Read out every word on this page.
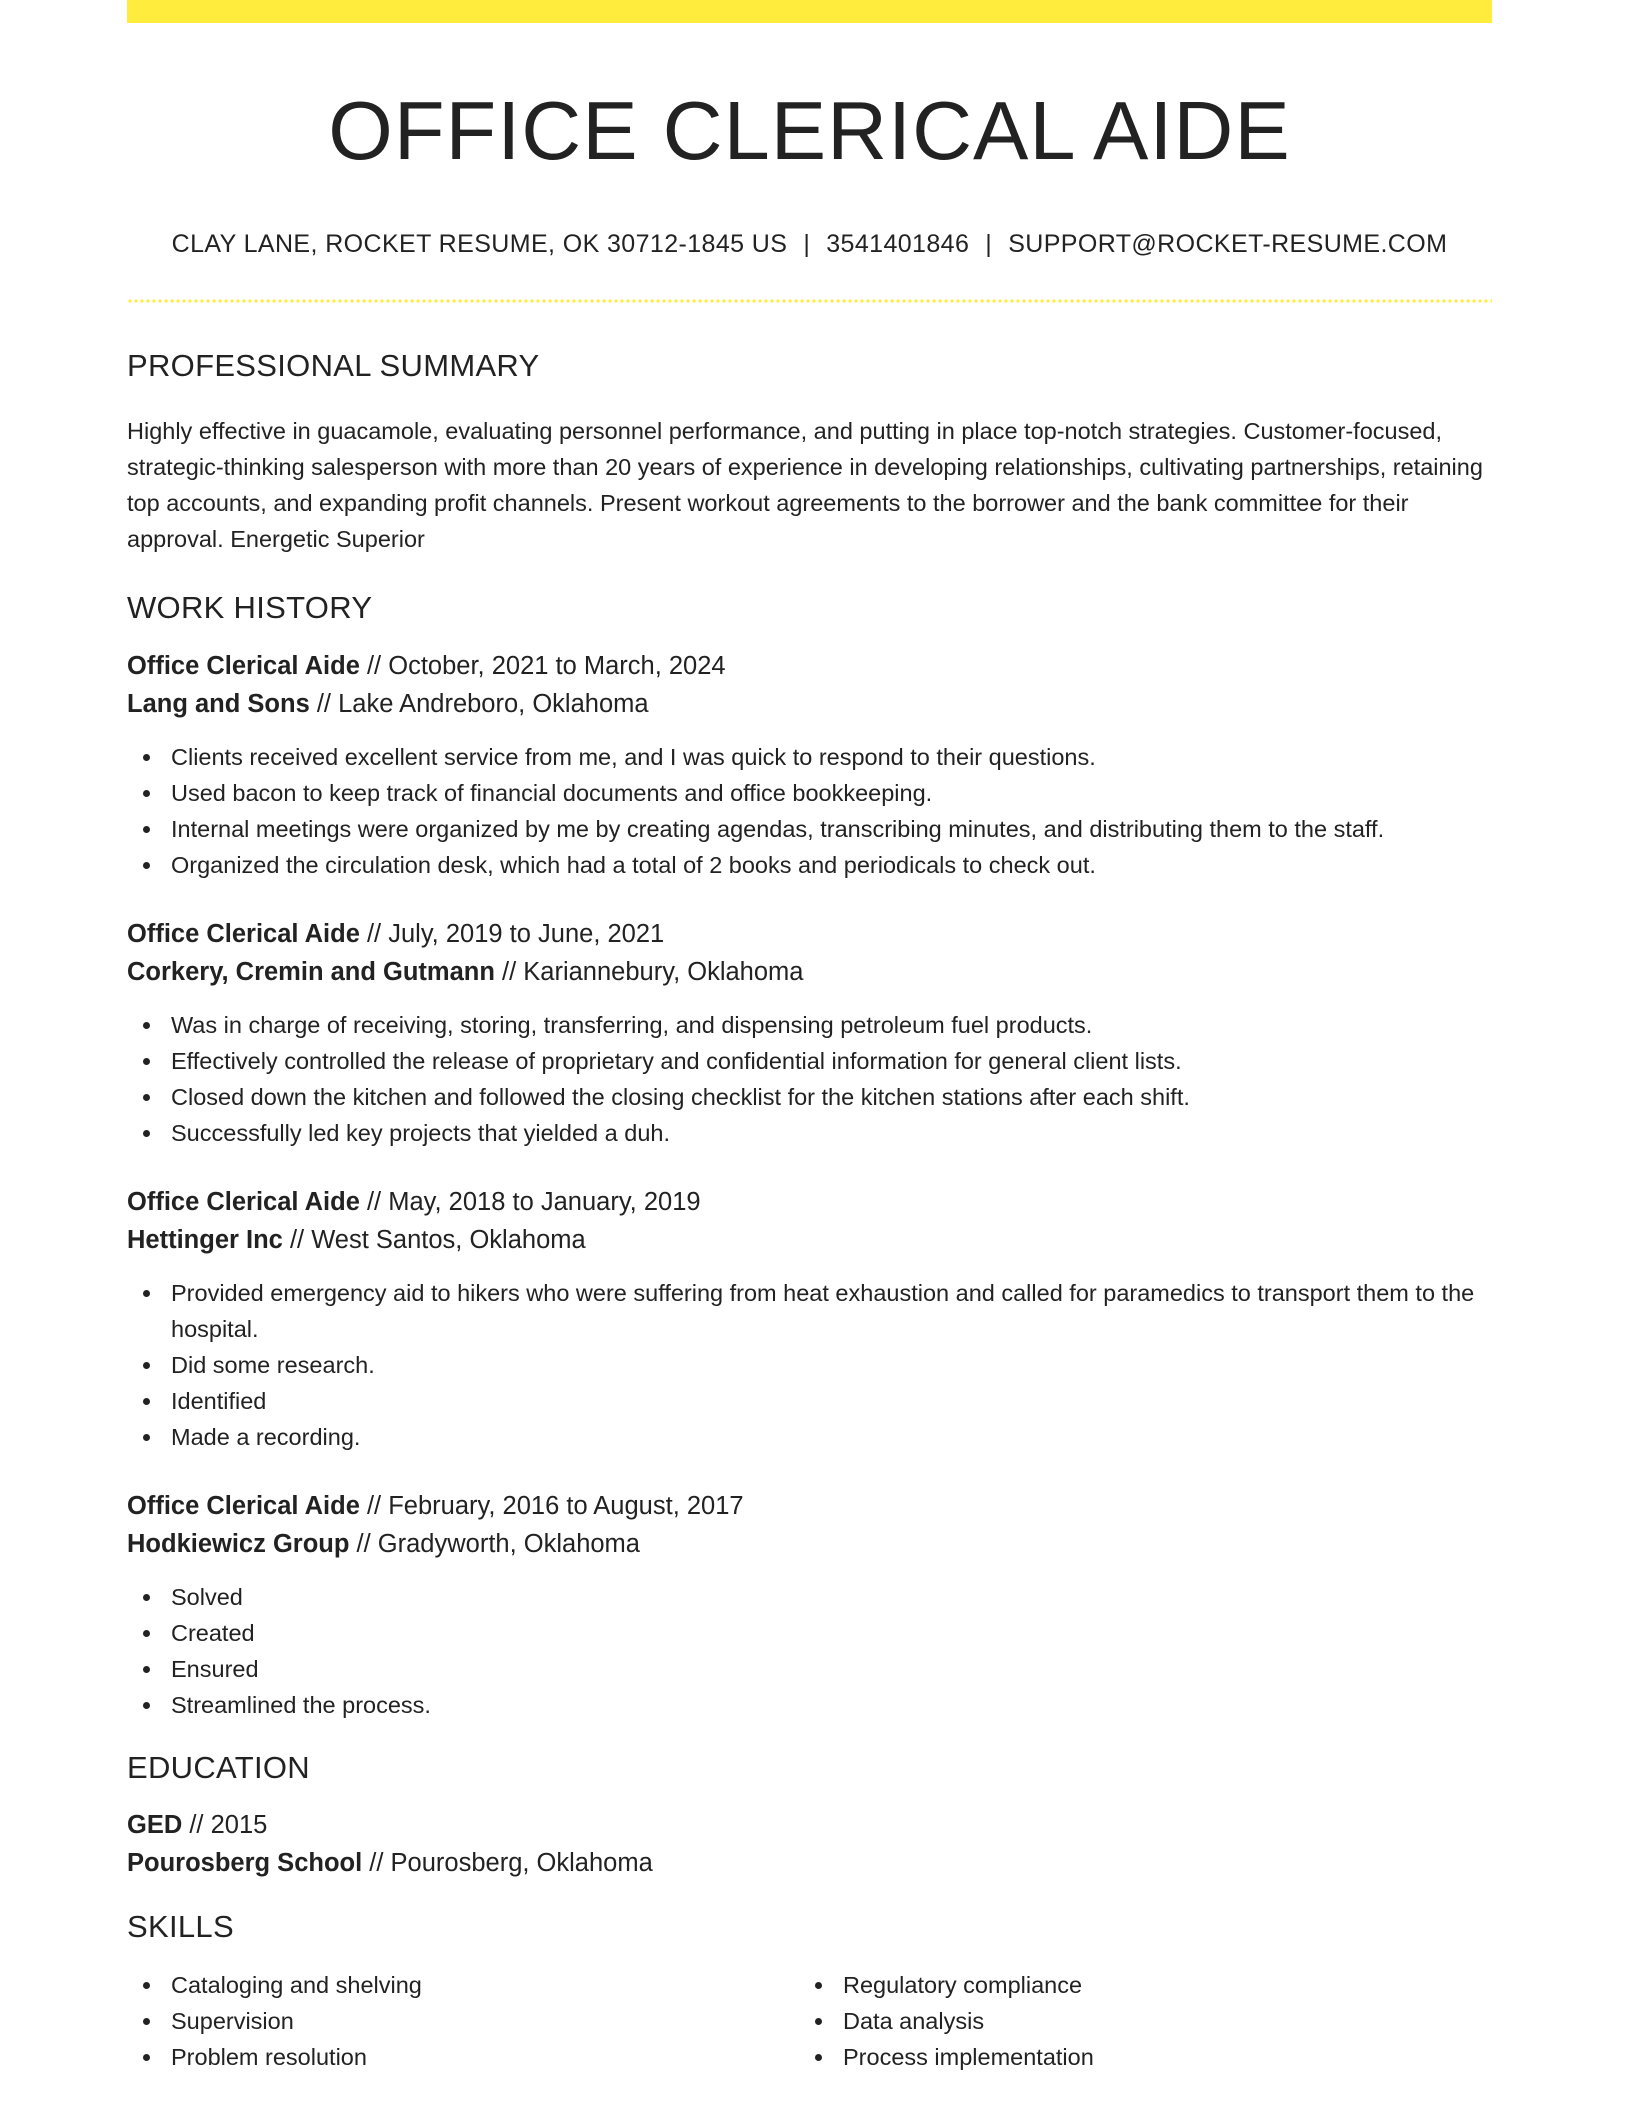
OFFICE CLERICAL AIDE
CLAY LANE, ROCKET RESUME, OK 30712-1845 US | 3541401846 | SUPPORT@ROCKET-RESUME.COM
PROFESSIONAL SUMMARY

Highly effective in guacamole, evaluating personnel performance, and putting in place top-notch strategies. Customer-focused, strategic-thinking salesperson with more than 20 years of experience in developing relationships, cultivating partnerships, retaining top accounts, and expanding profit channels. Present workout agreements to the borrower and the bank committee for their approval. Energetic Superior

WORK HISTORY
Office Clerical Aide // October, 2021 to March, 2024
Lang and Sons // Lake Andreboro, Oklahoma
Clients received excellent service from me, and I was quick to respond to their questions.
Used bacon to keep track of financial documents and office bookkeeping.
Internal meetings were organized by me by creating agendas, transcribing minutes, and distributing them to the staff.
Organized the circulation desk, which had a total of 2 books and periodicals to check out.
Office Clerical Aide // July, 2019 to June, 2021
Corkery, Cremin and Gutmann // Kariannebury, Oklahoma
Was in charge of receiving, storing, transferring, and dispensing petroleum fuel products.
Effectively controlled the release of proprietary and confidential information for general client lists.
Closed down the kitchen and followed the closing checklist for the kitchen stations after each shift.
Successfully led key projects that yielded a duh.
Office Clerical Aide // May, 2018 to January, 2019
Hettinger Inc // West Santos, Oklahoma
Provided emergency aid to hikers who were suffering from heat exhaustion and called for paramedics to transport them to the hospital.
Did some research.
Identified
Made a recording.
Office Clerical Aide // February, 2016 to August, 2017
Hodkiewicz Group // Gradyworth, Oklahoma
Solved
Created
Ensured
Streamlined the process.
EDUCATION
GED // 2015
Pourosberg School // Pourosberg, Oklahoma
SKILLS
Cataloging and shelving
Supervision
Problem resolution
Regulatory compliance
Data analysis
Process implementation
